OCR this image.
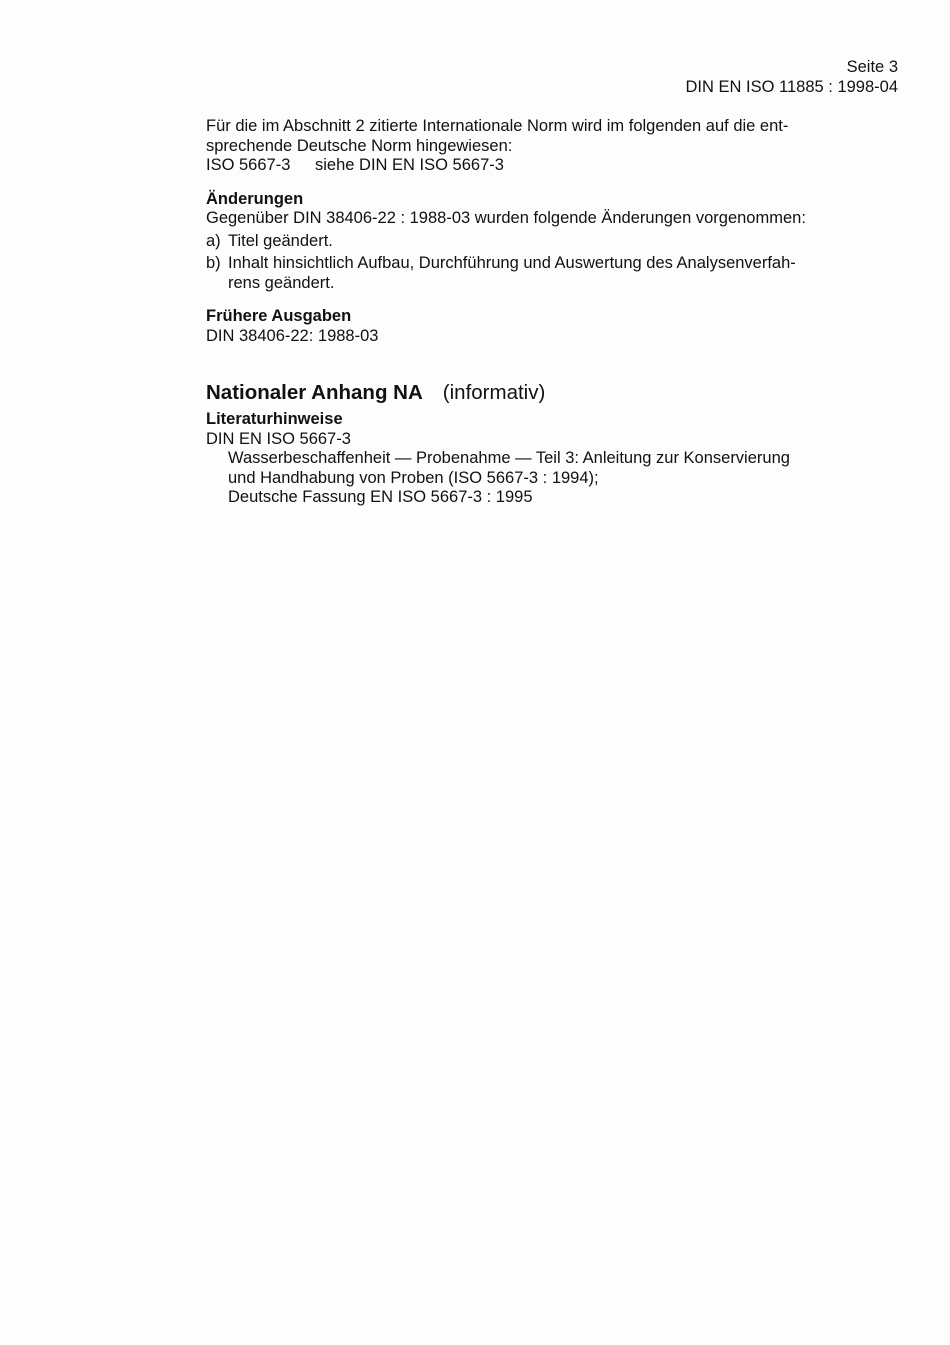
Seite 3
DIN EN ISO 11885 : 1998-04
Für die im Abschnitt 2 zitierte Internationale Norm wird im folgenden auf die ent-
sprechende Deutsche Norm hingewiesen:
ISO 5667-3	siehe DIN EN ISO 5667-3
Änderungen
Gegenüber DIN 38406-22 : 1988-03 wurden folgende Änderungen vorgenommen:
a) Titel geändert.
b) Inhalt hinsichtlich Aufbau, Durchführung und Auswertung des Analysenverfah-
rens geändert.
Frühere Ausgaben
DIN 38406-22: 1988-03
Nationaler Anhang NA (informativ)
Literaturhinweise
DIN EN ISO 5667-3
Wasserbeschaffenheit — Probenahme — Teil 3: Anleitung zur Konservierung
und Handhabung von Proben (ISO 5667-3 : 1994);
Deutsche Fassung EN ISO 5667-3 : 1995
